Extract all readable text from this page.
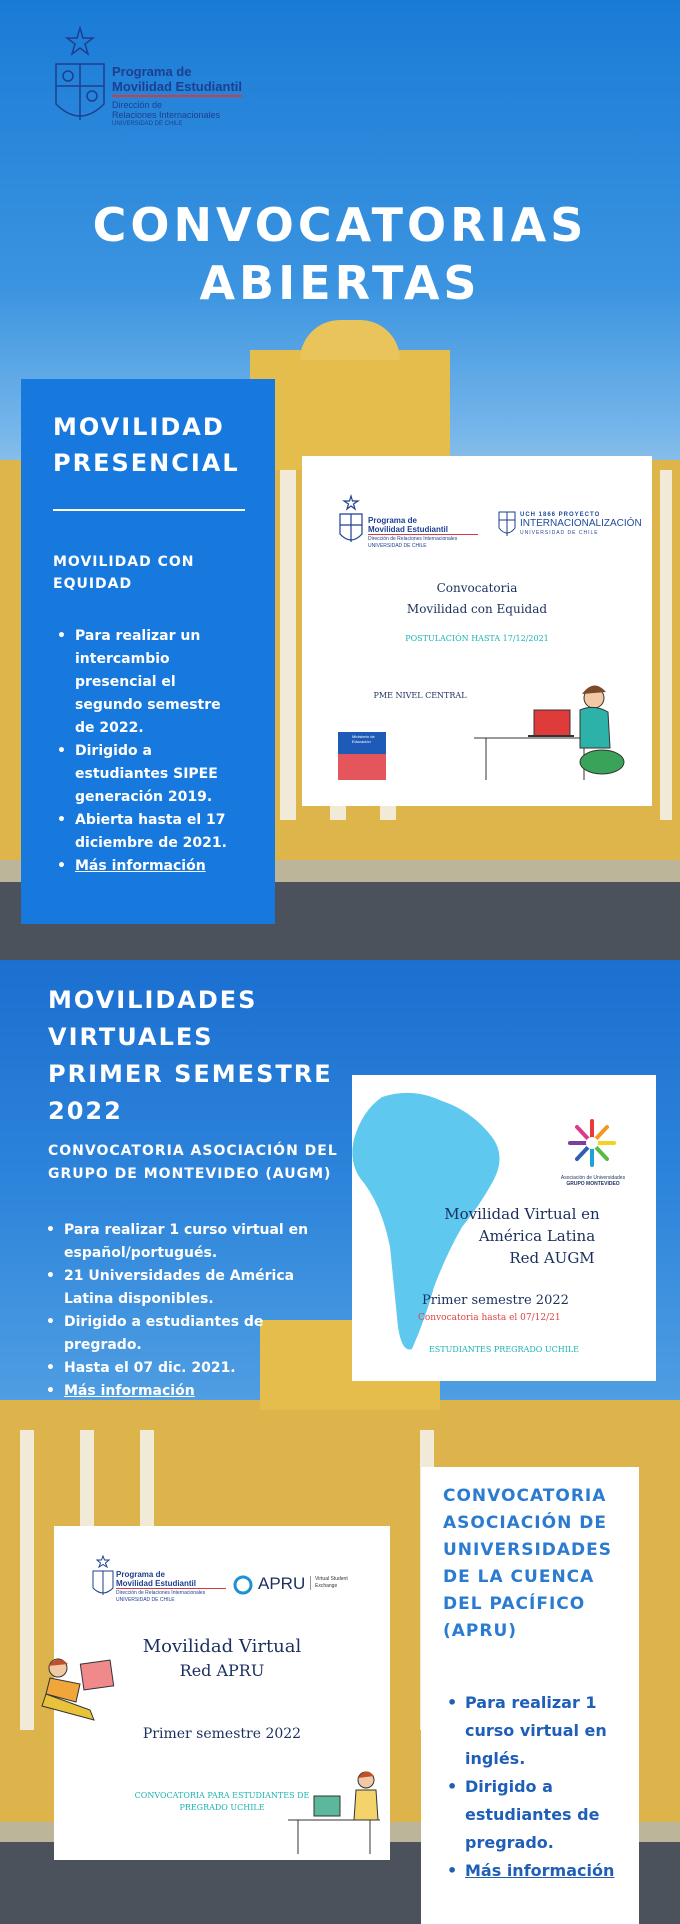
Programa de
Movilidad Estudiantil
Dirección de
Relaciones Internacionales
UNIVERSIDAD DE CHILE
CONVOCATORIAS
ABIERTAS
MOVILIDAD
PRESENCIAL
MOVILIDAD CON
EQUIDAD
• Para realizar un intercambio presencial el segundo semestre de 2022.
• Dirigido a estudiantes SIPEE generación 2019.
• Abierta hasta el 17 diciembre de 2021.
• Más información
Programa de
Movilidad Estudiantil
Dirección de Relaciones Internacionales
UNIVERSIDAD DE CHILE
UCH 1866 PROYECTO
INTERNACIONALIZACIÓN
UNIVERSIDAD DE CHILE
Convocatoria
Movilidad con Equidad
POSTULACIÓN HASTA 17/12/2021
PME NIVEL CENTRAL
Ministerio de Educación
MOVILIDADES
VIRTUALES
PRIMER SEMESTRE
2022
CONVOCATORIA ASOCIACIÓN DEL GRUPO DE MONTEVIDEO (AUGM)
• Para realizar 1 curso virtual en español/portugués.
• 21 Universidades de América Latina disponibles.
• Dirigido a estudiantes de pregrado.
• Hasta el 07 dic. 2021.
• Más información
Asociación de Universidades
GRUPO MONTEVIDEO
Movilidad Virtual en
América Latina
Red AUGM
Primer semestre 2022
Convocatoria hasta el 07/12/21
ESTUDIANTES PREGRADO UCHILE
Programa de
Movilidad Estudiantil
Dirección de Relaciones Internacionales
UNIVERSIDAD DE CHILE
APRU Virtual Student
Exchange
Movilidad Virtual
Red APRU
Primer semestre 2022
CONVOCATORIA PARA ESTUDIANTES DE
PREGRADO UCHILE
CONVOCATORIA ASOCIACIÓN DE UNIVERSIDADES DE LA CUENCA DEL PACÍFICO (APRU)
• Para realizar 1 curso virtual en inglés.
• Dirigido a estudiantes de pregrado.
• Más información
